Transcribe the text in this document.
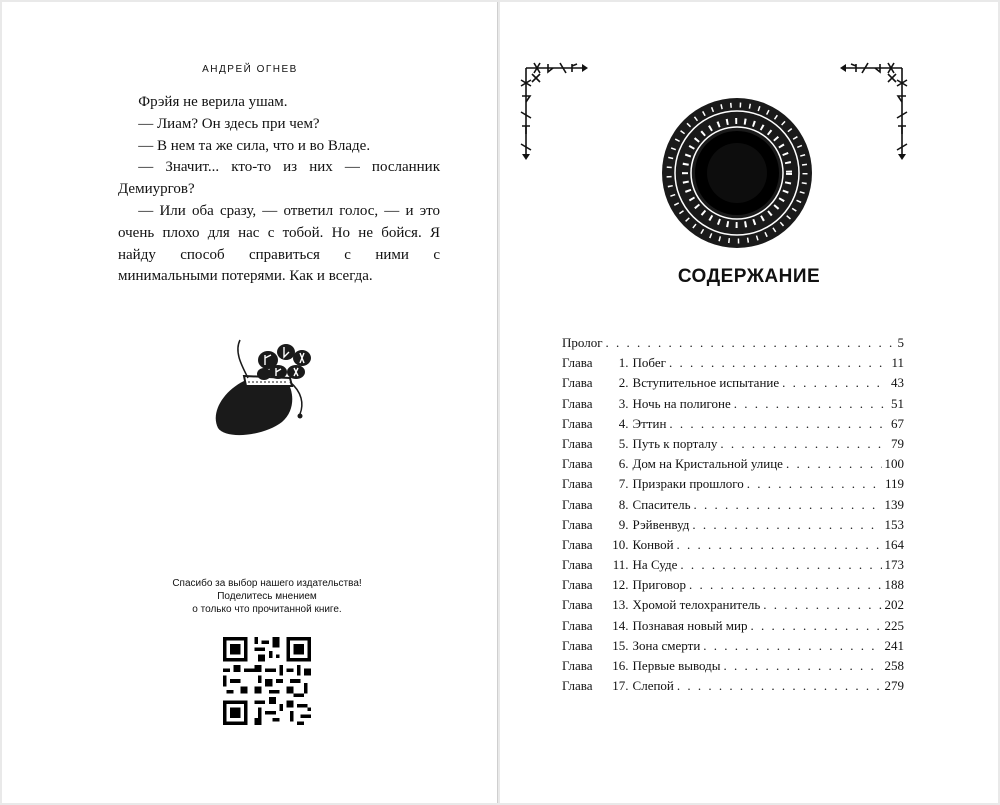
АНДРЕЙ ОГНЕВ

Фрэйя не верила ушам.

— Лиам? Он здесь при чем?

— В нем та же сила, что и во Владе.

— Значит... кто-то из них — посланник Демиургов?

— Или оба сразу, — ответил голос, — и это очень плохо для нас с тобой. Но не бойся. Я найду способ справиться с ними с минимальными потерями. Как и всегда.

Спасибо за выбор нашего издательства!
Поделитесь мнением
о только что прочитанной книге.
СОДЕРЖАНИЕ
Пролог . . .	5
Глава 1. Побег . . .	11
Глава 2. Вступительное испытание . . .	43
Глава 3. Ночь на полигоне . . .	51
Глава 4. Эттин . . .	67
Глава 5. Путь к порталу . . .	79
Глава 6. Дом на Кристальной улице . . .	100
Глава 7. Призраки прошлого . . .	119
Глава 8. Спаситель . . .	139
Глава 9. Рэйвенвуд . . .	153
Глава 10. Конвой . . .	164
Глава 11. На Суде . . .	173
Глава 12. Приговор . . .	188
Глава 13. Хромой телохранитель . . .	202
Глава 14. Познавая новый мир . . .	225
Глава 15. Зона смерти . . .	241
Глава 16. Первые выводы . . .	258
Глава 17. Слепой . . .	279
